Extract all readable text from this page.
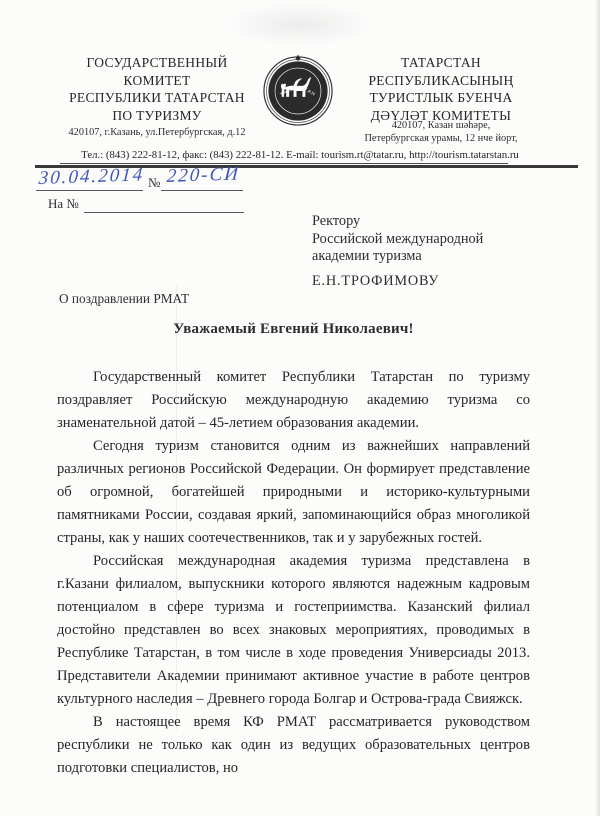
ГОСУДАРСТВЕННЫЙ
КОМИТЕТ
РЕСПУБЛИКИ ТАТАРСТАН
ПО ТУРИЗМУ
420107, г.Казань, ул.Петербургская, д.12
ТАТАРСТАН
РЕСПУБЛИКАСЫНЫҢ
ТУРИСТЛЫК БУЕНЧА
ДӘҮЛӘТ КОМИТЕТЫ
420107, Казан шәһәре,
Петербургская урамы, 12 нче йорт,
ТАТАРСТАН
Тел.: (843) 222-81-12, факс: (843) 222-81-12. E-mail: tourism.rt@tatar.ru, http://tourism.tatarstan.ru
30.04.2014 № 220-СИ
На №
Ректору
Российской международной
академии туризма
Е.Н.ТРОФИМОВУ
О поздравлении РМАТ
Уважаемый Евгений Николаевич!

Государственный комитет Республики Татарстан по туризму поздравляет Российскую международную академию туризма со знаменательной датой – 45-летием образования академии.

Сегодня туризм становится одним из важнейших направлений различных регионов Российской Федерации. Он формирует представление об огромной, богатейшей природными и историко-культурными памятниками России, создавая яркий, запоминающийся образ многоликой страны, как у наших соотечественников, так и у зарубежных гостей.

Российская международная академия туризма представлена в г.Казани филиалом, выпускники которого являются надежным кадровым потенциалом в сфере туризма и гостеприимства. Казанский филиал достойно представлен во всех знаковых мероприятиях, проводимых в Республике Татарстан, в том числе в ходе проведения Универсиады 2013. Представители Академии принимают активное участие в работе центров культурного наследия – Древнего города Болгар и Острова-града Свияжск.

В настоящее время КФ РМАТ рассматривается руководством республики не только как один из ведущих образовательных центров подготовки специалистов, но
